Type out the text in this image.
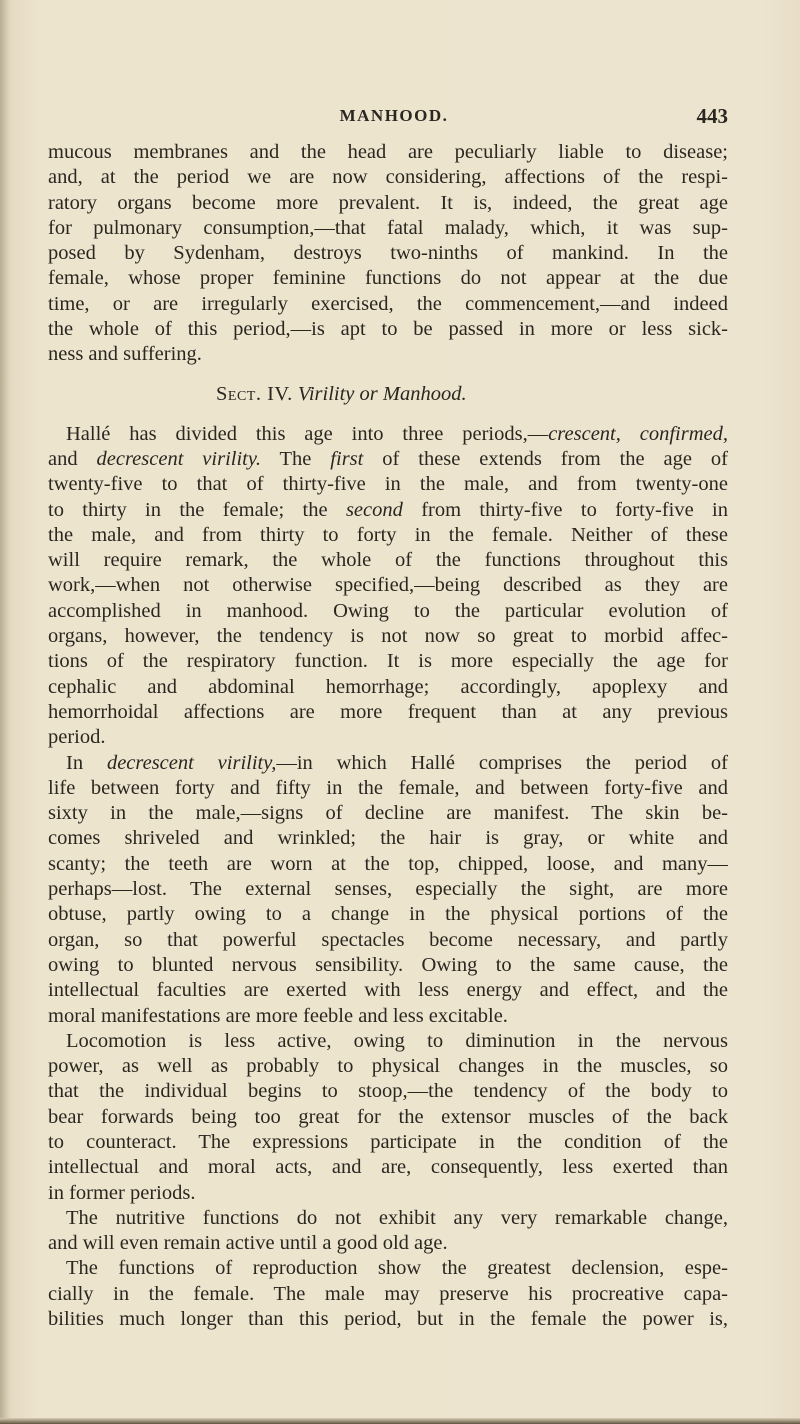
MANHOOD.	443
mucous membranes and the head are peculiarly liable to disease;
and, at the period we are now considering, affections of the respi-
ratory organs become more prevalent. It is, indeed, the great age
for pulmonary consumption,—that fatal malady, which, it was sup-
posed by Sydenham, destroys two-ninths of mankind. In the
female, whose proper feminine functions do not appear at the due
time, or are irregularly exercised, the commencement,—and indeed
the whole of this period,—is apt to be passed in more or less sick-
ness and suffering.
Sect. IV. Virility or Manhood.
Hallé has divided this age into three periods,—crescent, confirmed,
and decrescent virility. The first of these extends from the age of
twenty-five to that of thirty-five in the male, and from twenty-one
to thirty in the female; the second from thirty-five to forty-five in
the male, and from thirty to forty in the female. Neither of these
will require remark, the whole of the functions throughout this
work,—when not otherwise specified,—being described as they are
accomplished in manhood. Owing to the particular evolution of
organs, however, the tendency is not now so great to morbid affec-
tions of the respiratory function. It is more especially the age for
cephalic and abdominal hemorrhage; accordingly, apoplexy and
hemorrhoidal affections are more frequent than at any previous
period.
In decrescent virility,—in which Hallé comprises the period of
life between forty and fifty in the female, and between forty-five and
sixty in the male,—signs of decline are manifest. The skin be-
comes shriveled and wrinkled; the hair is gray, or white and
scanty; the teeth are worn at the top, chipped, loose, and many—
perhaps—lost. The external senses, especially the sight, are more
obtuse, partly owing to a change in the physical portions of the
organ, so that powerful spectacles become necessary, and partly
owing to blunted nervous sensibility. Owing to the same cause, the
intellectual faculties are exerted with less energy and effect, and the
moral manifestations are more feeble and less excitable.
Locomotion is less active, owing to diminution in the nervous
power, as well as probably to physical changes in the muscles, so
that the individual begins to stoop,—the tendency of the body to
bear forwards being too great for the extensor muscles of the back
to counteract. The expressions participate in the condition of the
intellectual and moral acts, and are, consequently, less exerted than
in former periods.
The nutritive functions do not exhibit any very remarkable change,
and will even remain active until a good old age.
The functions of reproduction show the greatest declension, espe-
cially in the female. The male may preserve his procreative capa-
bilities much longer than this period, but in the female the power is,
